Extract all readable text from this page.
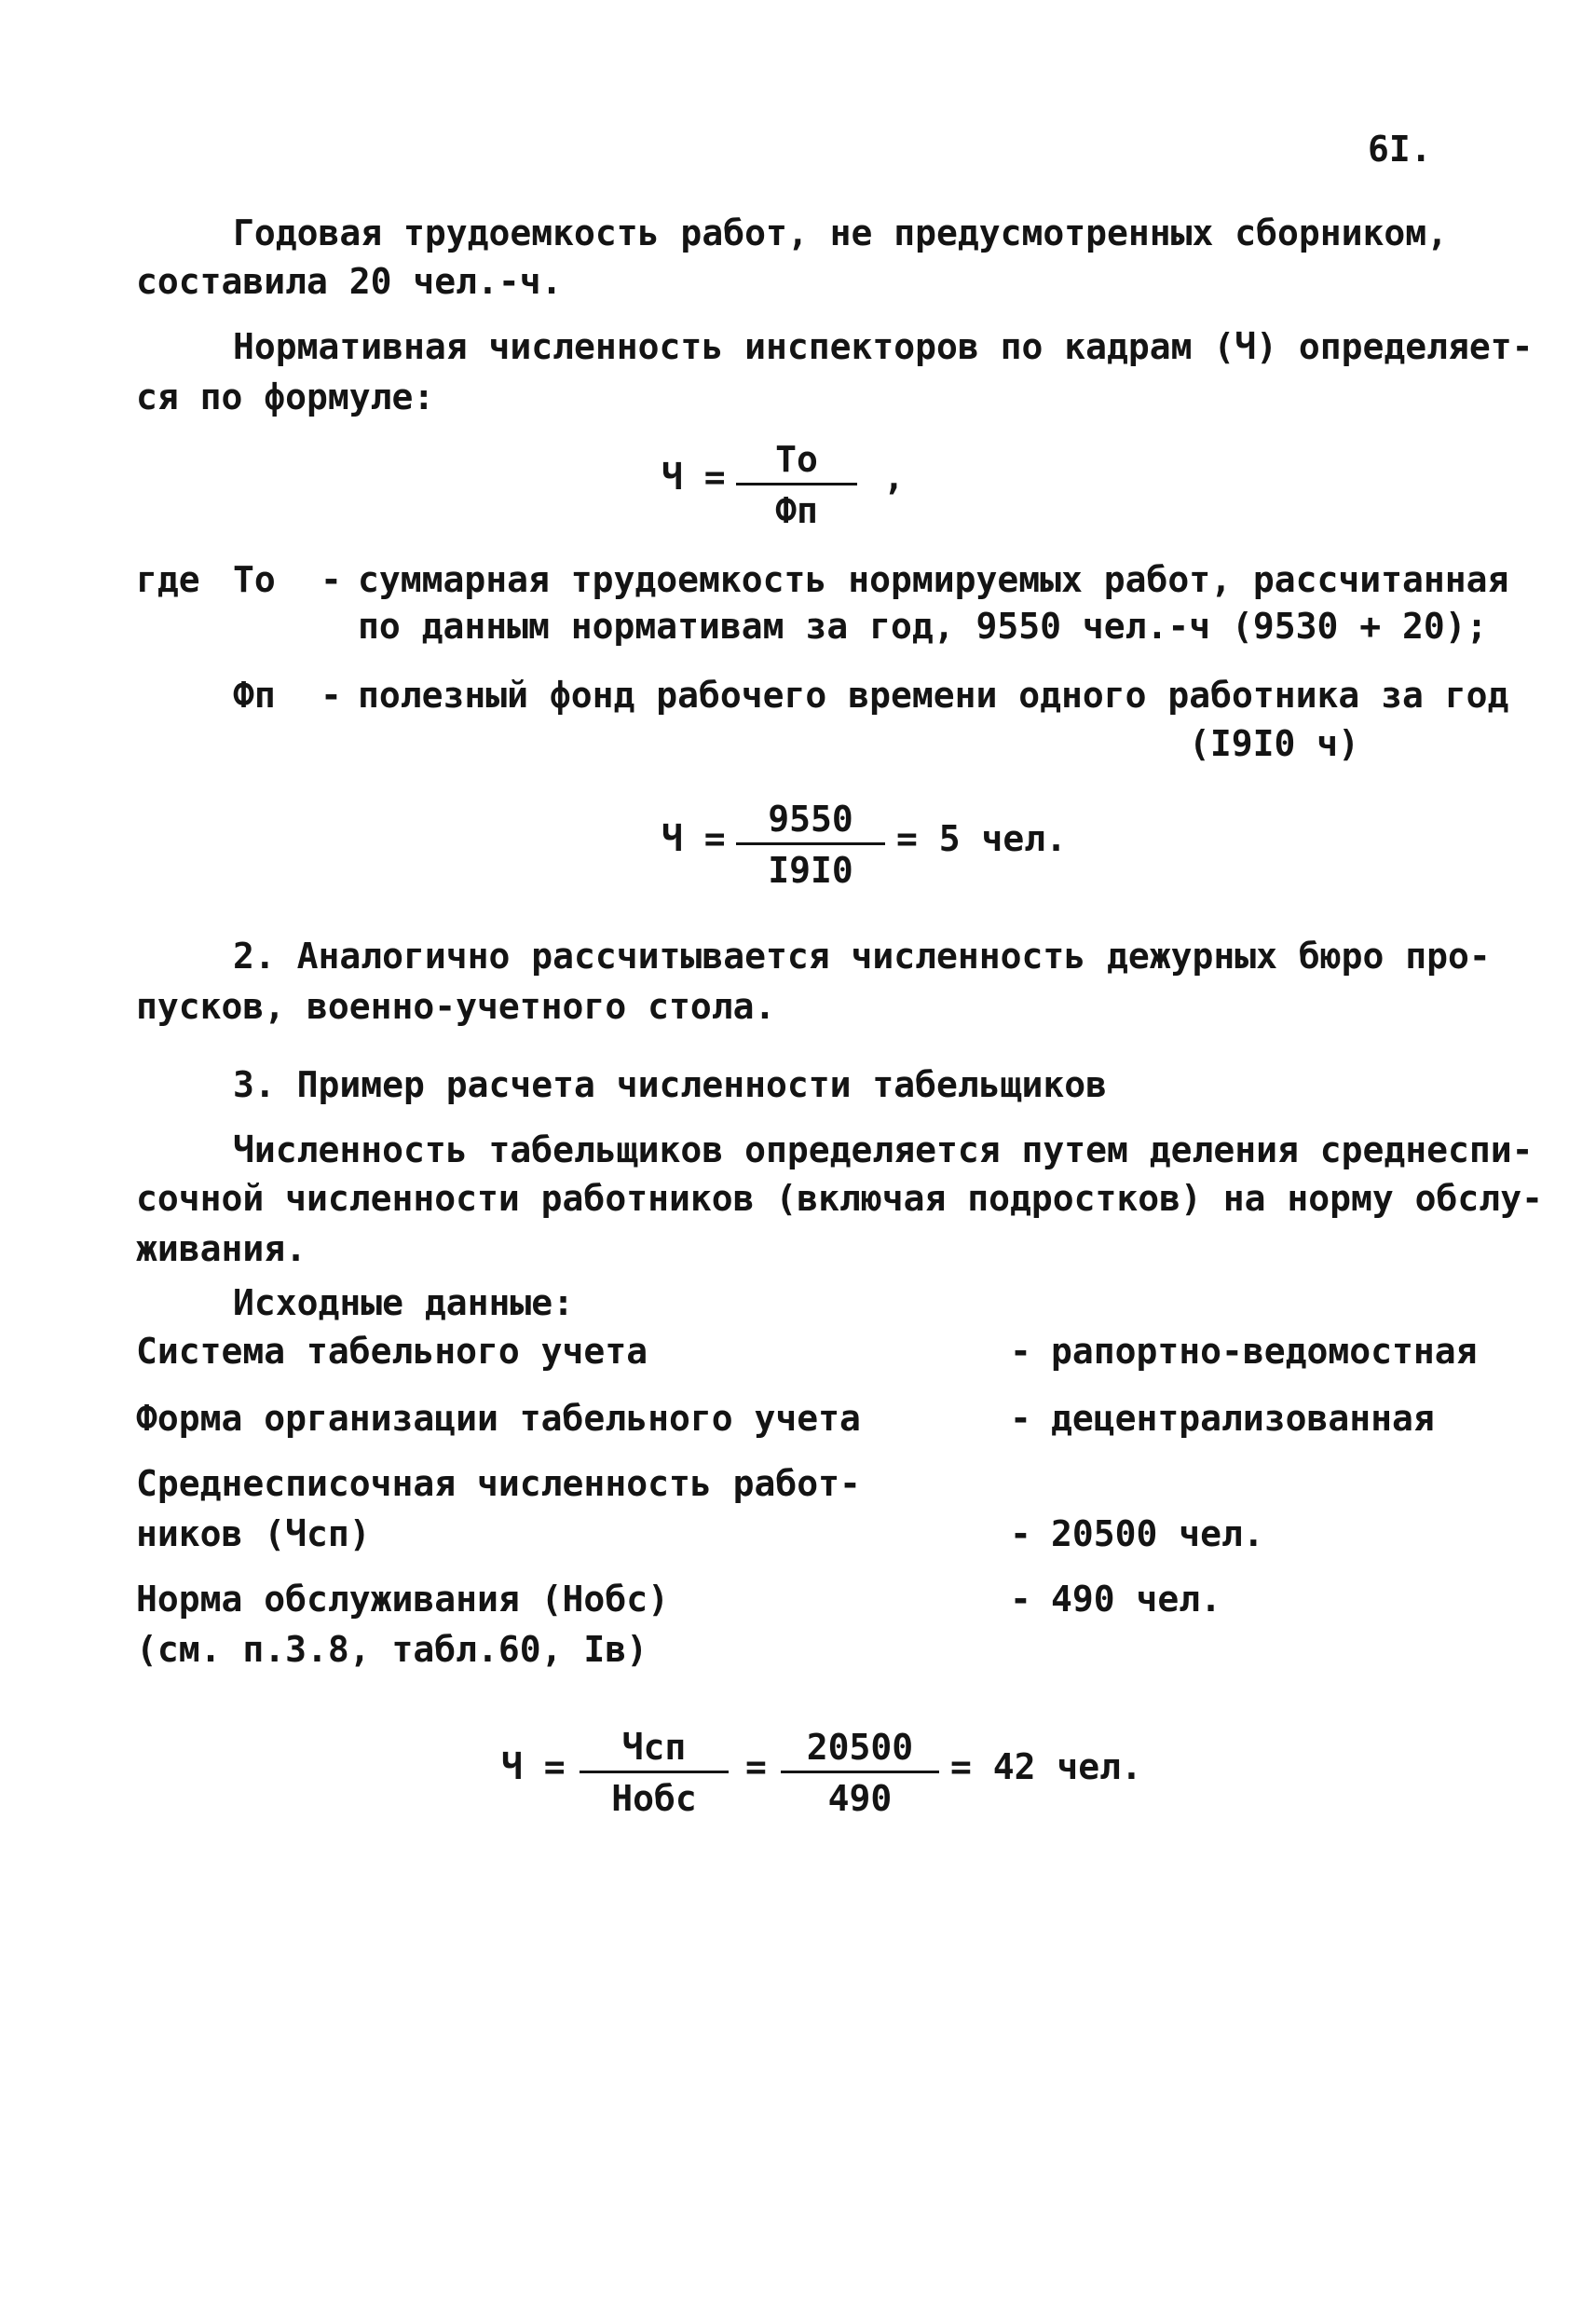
6I.
Годовая трудоемкость работ, не предусмотренных сборником,
составила 20 чел.-ч.
Нормативная численность инспекторов по кадрам (Ч) определяет-
ся по формуле:
Ч =	То
Фп
,
где То - суммарная трудоемкость нормируемых работ, рассчитанная
по данным нормативам за год, 9550 чел.-ч (9530 + 20);
Фп - полезный фонд рабочего времени одного работника за год
(I9I0 ч)
Ч =	9550
I9I0
= 5 чел.
2. Аналогично рассчитывается численность дежурных бюро про-
пусков, военно-учетного стола.
3. Пример расчета численности табельщиков
Численность табельщиков определяется путем деления среднеспи-
сочной численности работников (включая подростков) на норму обслу-
живания.
Исходные данные:
Система табельного учета	- рапортно-ведомостная
Форма организации табельного учета	- децентрализованная
Среднесписочная численность работ-
ников (Чсп)	- 20500 чел.
Норма обслуживания (Нобс)	- 490 чел.
(см. п.3.8, табл.60, Iв)
Ч =	Чсп
Нобс
=	20500
490
= 42 чел.
